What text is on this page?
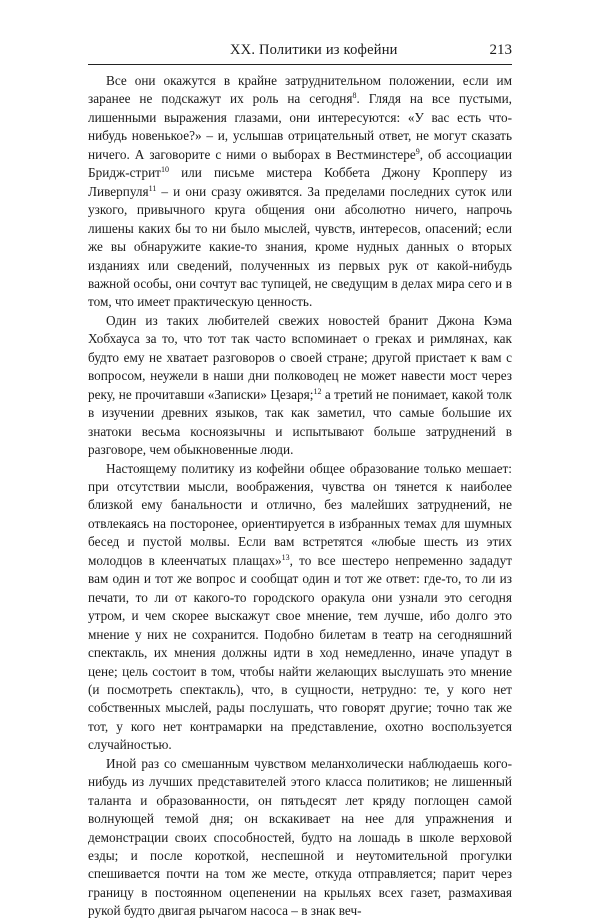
XX. Политики из кофейни	213

Все они окажутся в крайне затруднительном положении, если им заранее не подскажут их роль на сегодня$^8$. Глядя на все пустыми, лишенными выражения глазами, они интересуются: «У вас есть что-нибудь новенькое?» – и, услышав отрицательный ответ, не могут сказать ничего. А заговорите с ними о выборах в Вестминстере$^9$, об ассоциации Бридж-стрит$^{10}$ или письме мистера Коббета Джону Кропперу из Ливерпуля$^{11}$ – и они сразу оживятся. За пределами последних суток или узкого, привычного круга общения они абсолютно ничего, напрочь лишены каких бы то ни было мыслей, чувств, интересов, опасений; если же вы обнаружите какие-то знания, кроме нудных данных о вторых изданиях или сведений, полученных из первых рук от какой-нибудь важной особы, они сочтут вас тупицей, не сведущим в делах мира сего и в том, что имеет практическую ценность.

Один из таких любителей свежих новостей бранит Джона Кэма Хобхауса за то, что тот так часто вспоминает о греках и римлянах, как будто ему не хватает разговоров о своей стране; другой пристает к вам с вопросом, неужели в наши дни полководец не может навести мост через реку, не прочитавши «Записки» Цезаря;$^{12}$ а третий не понимает, какой толк в изучении древних языков, так как заметил, что самые большие их знатоки весьма косноязычны и испытывают больше затруднений в разговоре, чем обыкновенные люди.

Настоящему политику из кофейни общее образование только мешает: при отсутствии мысли, воображения, чувства он тянется к наиболее близкой ему банальности и отлично, без малейших затруднений, не отвлекаясь на посторонее, ориентируется в избранных темах для шумных бесед и пустой молвы. Если вам встретятся «любые шесть из этих молодцов в клеенчатых плащах»$^{13}$, то все шестеро непременно зададут вам один и тот же вопрос и сообщат один и тот же ответ: где-то, то ли из печати, то ли от какого-то городского оракула они узнали это сегодня утром, и чем скорее выскажут свое мнение, тем лучше, ибо долго это мнение у них не сохранится. Подобно билетам в театр на сегодняшний спектакль, их мнения должны идти в ход немедленно, иначе упадут в цене; цель состоит в том, чтобы найти желающих выслушать это мнение (и посмотреть спектакль), что, в сущности, нетрудно: те, у кого нет собственных мыслей, рады послушать, что говорят другие; точно так же тот, у кого нет контрамарки на представление, охотно воспользуется случайностью.

Иной раз со смешанным чувством меланхолически наблюдаешь кого-нибудь из лучших представителей этого класса политиков; не лишенный таланта и образованности, он пятьдесят лет кряду поглощен самой волнующей темой дня; он вскакивает на нее для упражнения и демонстрации своих способностей, будто на лошадь в школе верховой езды; и после короткой, неспешной и неутомительной прогулки спешивается почти на том же месте, откуда отправляется; парит через границу в постоянном оцепенении на крыльях всех газет, размахивая рукой будто двигая рычагом насоса – в знак веч-
